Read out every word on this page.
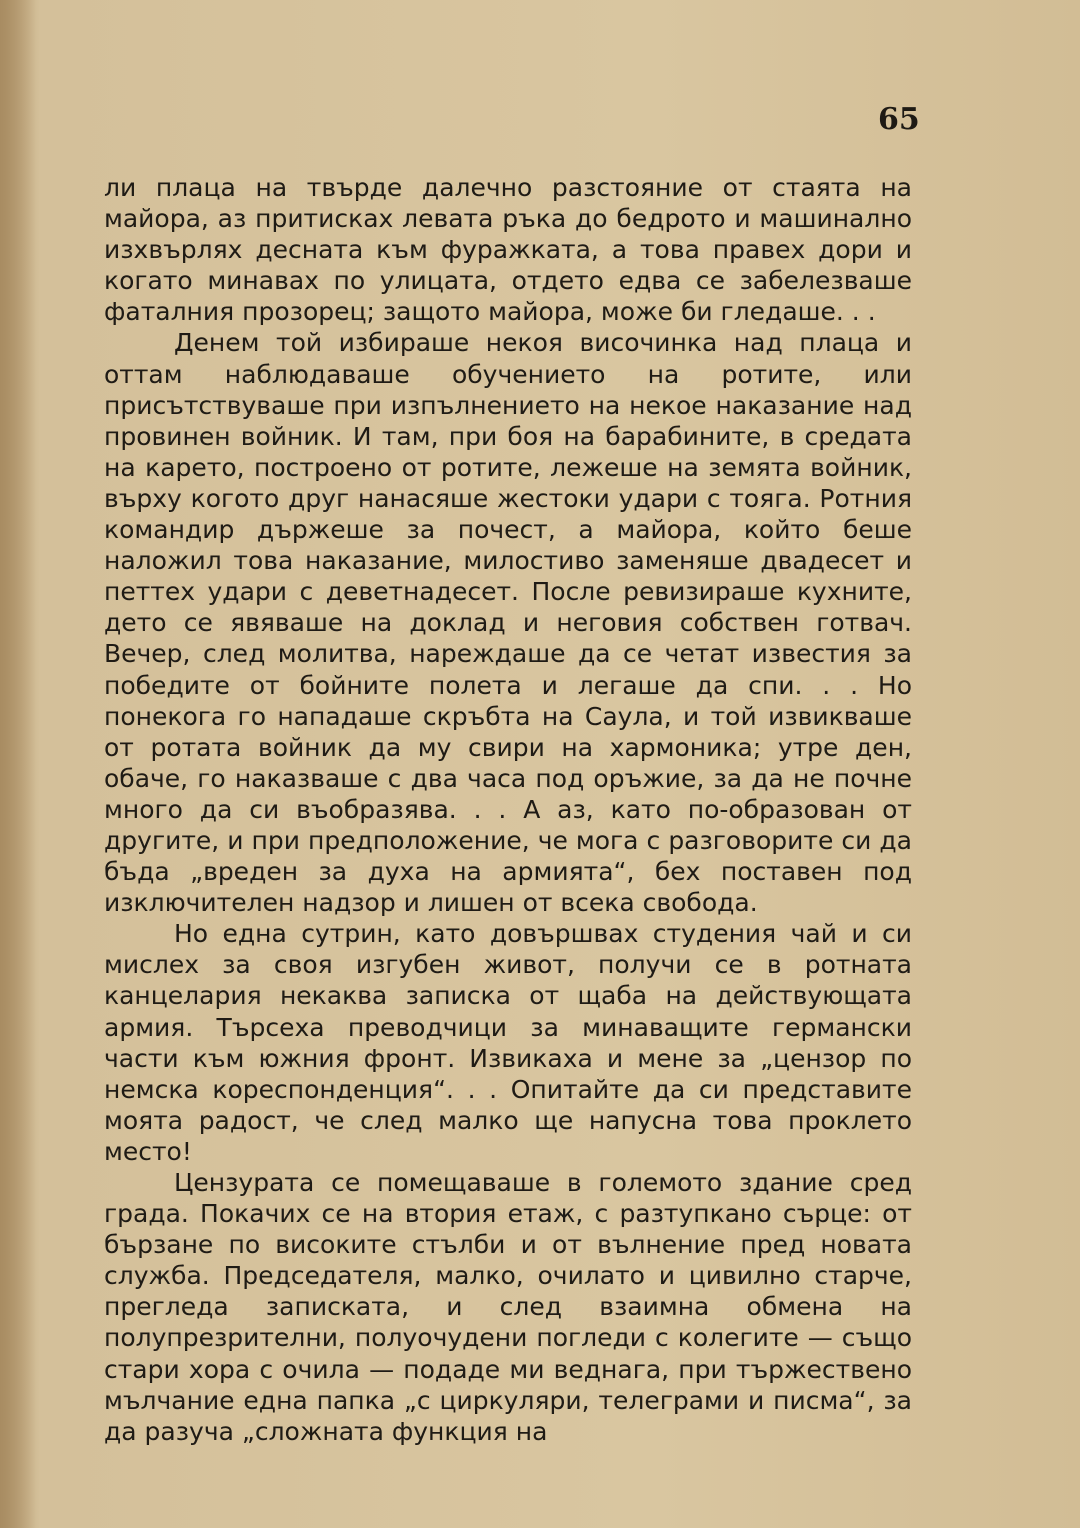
65

ли плаца на твърде далечно разстояние от стаята на майора, аз притисках левата ръка до бедрото и машинално изхвърлях десната към фуражката, а това правех дори и когато минавах по улицата, отдето едва се забелезваше фаталния прозорец; защото майора, може би гледаше. . .

Денем той избираше некоя височинка над плаца и оттам наблюдаваше обучението на ротите, или присътствуваше при изпълнението на некое наказание над провинен войник. И там, при боя на барабините, в средата на карето, построено от ротите, лежеше на земята войник, върху когото друг нанасяше жестоки удари с тояга. Ротния командир държеше за почест, а майора, който беше наложил това наказание, милостиво заменяше двадесет и петтех удари с деветнадесет. После ревизираше кухните, дето се явяваше на доклад и неговия собствен готвач. Вечер, след молитва, нареждаше да се четат известия за победите от бойните полета и легаше да спи. . . Но понекога го нападаше скръбта на Саула, и той извикваше от ротата войник да му свири на хармоника; утре ден, обаче, го наказваше с два часа под оръжие, за да не почне много да си въобразява. . . А аз, като по-образован от другите, и при предположение, че мога с разговорите си да бъда „вреден за духа на армията“, бех поставен под изключителен надзор и лишен от всека свобода.

Но една сутрин, като довършвах студения чай и си мислех за своя изгубен живот, получи се в ротната канцелария некаква записка от щаба на действующата армия. Търсеха преводчици за минаващите германски части към южния фронт. Извикаха и мене за „цензор по немска кореспонденция“. . . Опитайте да си представите моята радост, че след малко ще напусна това проклето место!

Цензурата се помещаваше в големото здание сред града. Покачих се на втория етаж, с разтупкано сърце: от бързане по високите стълби и от вълнение пред новата служба. Председателя, малко, очилато и цивилно старче, прегледа записката, и след взаимна обмена на полупрезрителни, полуочудени погледи с колегите — също стари хора с очила — подаде ми веднага, при тържествено мълчание една папка „с циркуляри, телеграми и писма“, за да разуча „сложната функция на
